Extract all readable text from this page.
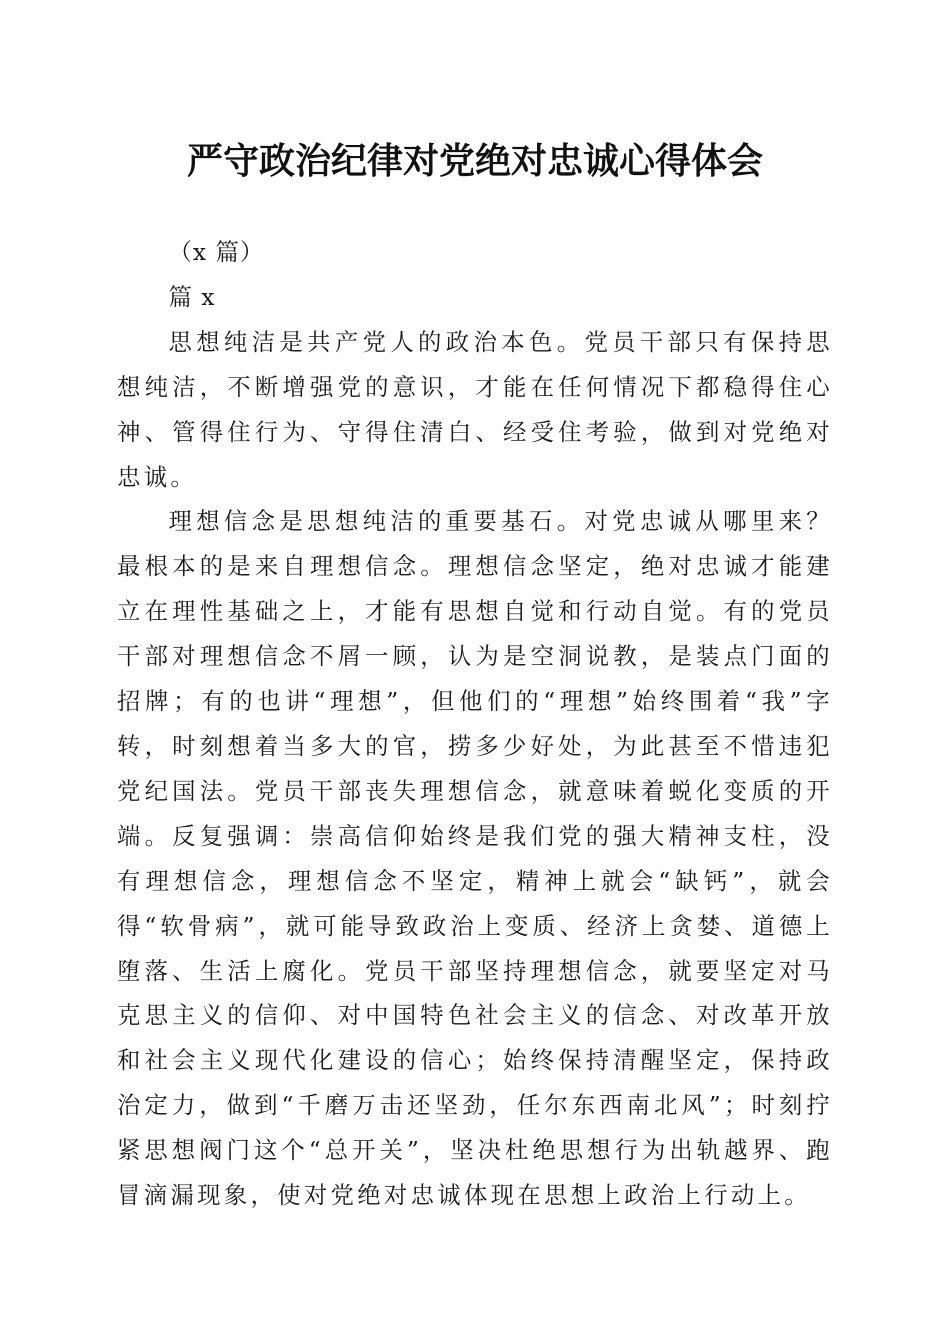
严守政治纪律对党绝对忠诚心得体会

（x 篇）

篇 x

思想纯洁是共产党人的政治本色。党员干部只有保持思想纯洁，不断增强党的意识，才能在任何情况下都稳得住心神、管得住行为、守得住清白、经受住考验，做到对党绝对忠诚。

理想信念是思想纯洁的重要基石。对党忠诚从哪里来？最根本的是来自理想信念。理想信念坚定，绝对忠诚才能建立在理性基础之上，才能有思想自觉和行动自觉。有的党员干部对理想信念不屑一顾，认为是空洞说教，是装点门面的招牌；有的也讲“理想”，但他们的“理想”始终围着“我”字转，时刻想着当多大的官，捞多少好处，为此甚至不惜违犯党纪国法。党员干部丧失理想信念，就意味着蜕化变质的开端。反复强调：崇高信仰始终是我们党的强大精神支柱，没有理想信念，理想信念不坚定，精神上就会“缺钙”，就会得“软骨病”，就可能导致政治上变质、经济上贪婪、道德上堕落、生活上腐化。党员干部坚持理想信念，就要坚定对马克思主义的信仰、对中国特色社会主义的信念、对改革开放和社会主义现代化建设的信心；始终保持清醒坚定，保持政治定力，做到“千磨万击还坚劲，任尔东西南北风”；时刻拧紧思想阀门这个“总开关”，坚决杜绝思想行为出轨越界、跑冒滴漏现象，使对党绝对忠诚体现在思想上政治上行动上。
